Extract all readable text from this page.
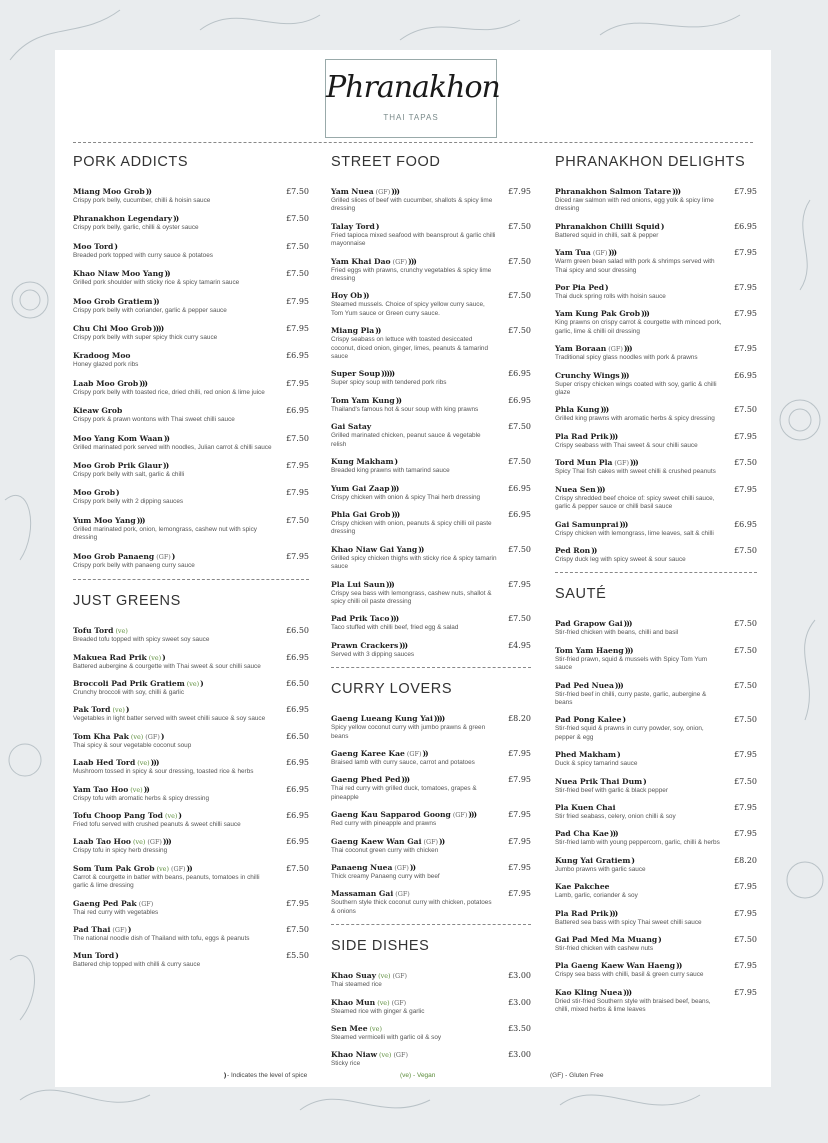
Phranakhon
THAI TAPAS
PORK ADDICTS
Miang Moo Grob))
Crispy pork belly, cucumber, chilli & hoisin sauce
£7.50
Phranakhon Legendary))
Crispy pork belly, garlic, chilli & oyster sauce
£7.50
Moo Tord)
Breaded pork topped with curry sauce & potatoes
£7.50
Khao Niaw Moo Yang))
Grilled pork shoulder with sticky rice & spicy tamarin sauce
£7.50
Moo Grob Gratiem))
Crispy pork belly with coriander, garlic & pepper sauce
£7.95
Chu Chi Moo Grob))))
Crispy pork belly with super spicy thick curry sauce
£7.95
Kradoog Moo
Honey glazed pork ribs
£6.95
Laab Moo Grob)))
Crispy pork belly with toasted rice, dried chilli, red onion & lime juice
£7.95
Kieaw Grob
Crispy pork & prawn wontons with Thai sweet chilli sauce
£6.95
Moo Yang Kom Waan))
Grilled marinated pork served with noodles, Julian carrot & chilli sauce
£7.50
Moo Grob Prik Glaur))
Crispy pork belly with salt, garlic & chilli
£7.95
Moo Grob)
Crispy pork belly with 2 dipping sauces
£7.95
Yum Moo Yang)))
Grilled marinated pork, onion, lemongrass, cashew nut with spicy dressing
£7.50
Moo Grob Panaeng (GF))
Crispy pork belly with panaeng curry sauce
£7.95
JUST GREENS
Tofu Tord (ve)
Breaded tofu topped with spicy sweet soy sauce
£6.50
Makuea Rad Prik (ve))
Battered aubergine & courgette with Thai sweet & sour chilli sauce
£6.95
Broccoli Pad Prik Gratiem (ve))
Crunchy broccoli with soy, chilli & garlic
£6.50
Pak Tord (ve))
Vegetables in light batter served with sweet chilli sauce & soy sauce
£6.95
Tom Kha Pak (ve) (GF))
Thai spicy & sour vegetable coconut soup
£6.50
Laab Hed Tord (ve))))
Mushroom tossed in spicy & sour dressing, toasted rice & herbs
£6.95
Yam Tao Hoo (ve)))
Crispy tofu with aromatic herbs & spicy dressing
£6.95
Tofu Choop Pang Tod (ve))
Fried tofu served with crushed peanuts & sweet chilli sauce
£6.95
Laab Tao Hoo (ve) (GF))))
Crispy tofu in spicy herb dressing
£6.95
Som Tum Pak Grob (ve) (GF)))
Carrot & courgette in batter with beans, peanuts, tomatoes in chilli garlic & lime dressing
£7.50
Gaeng Ped Pak (GF)
Thai red curry with vegetables
£7.95
Pad Thai (GF))
The national noodle dish of Thailand with tofu, eggs & peanuts
£7.50
Mun Tord)
Battered chip topped with chilli & curry sauce
£5.50
STREET FOOD
Yam Nuea (GF))))
Grilled slices of beef with cucumber, shallots & spicy lime dressing
£7.95
Talay Tord)
Fried tapioca mixed seafood with beansprout & garlic chilli mayonnaise
£7.50
Yam Khai Dao (GF))))
Fried eggs with prawns, crunchy vegetables & spicy lime dressing
£7.50
Hoy Ob))
Steamed mussels. Choice of spicy yellow curry sauce, Tom Yum sauce or Green curry sauce.
£7.50
Miang Pla))
Crispy seabass on lettuce with toasted desiccated coconut, diced onion, ginger, limes, peanuts & tamarind sauce
£7.50
Super Soup)))))
Super spicy soup with tendered pork ribs
£6.95
Tom Yam Kung))
Thailand's famous hot & sour soup with king prawns
£6.95
Gai Satay
Grilled marinated chicken, peanut sauce & vegetable relish
£7.50
Kung Makham)
Breaded king prawns with tamarind sauce
£7.50
Yum Gai Zaap)))
Crispy chicken with onion & spicy Thai herb dressing
£6.95
Phla Gai Grob)))
Crispy chicken with onion, peanuts & spicy chilli oil paste dressing
£6.95
Khao Niaw Gai Yang))
Grilled spicy chicken thighs with sticky rice & spicy tamarin sauce
£7.50
Pla Lui Saun)))
Crispy sea bass with lemongrass, cashew nuts, shallot & spicy chilli oil paste dressing
£7.95
Pad Prik Taco)))
Taco stuffed with chilli beef, fried egg & salad
£7.50
Prawn Crackers)))
Served with 3 dipping sauces
£4.95
CURRY LOVERS
Gaeng Lueang Kung Yai))))
Spicy yellow coconut curry with jumbo prawns & green beans
£8.20
Gaeng Karee Kae (GF)))
Braised lamb with curry sauce, carrot and potatoes
£7.95
Gaeng Phed Ped)))
Thai red curry with grilled duck, tomatoes, grapes & pineapple
£7.95
Gaeng Kau Sapparod Goong (GF))))
Red curry with pineapple and prawns
£7.95
Gaeng Kaew Wan Gai (GF)))
Thai coconut green curry with chicken
£7.95
Panaeng Nuea (GF)))
Thick creamy Panaeng curry with beef
£7.95
Massaman Gai (GF)
Southern style thick coconut curry with chicken, potatoes & onions
£7.95
SIDE DISHES
Khao Suay (ve) (GF)
Thai steamed rice
£3.00
Khao Mun (ve) (GF)
Steamed rice with ginger & garlic
£3.00
Sen Mee (ve)
Steamed vermicelli with garlic oil & soy
£3.50
Khao Niaw (ve) (GF)
Sticky rice
£3.00
PHRANAKHON DELIGHTS
Phranakhon Salmon Tatare)))
Diced raw salmon with red onions, egg yolk & spicy lime dressing
£7.95
Phranakhon Chilli Squid)
Battered squid in chilli, salt & pepper
£6.95
Yam Tua (GF))))
Warm green bean salad with pork & shrimps served with Thai spicy and sour dressing
£7.95
Por Pia Ped)
Thai duck spring rolls with hoisin sauce
£7.95
Yam Kung Pak Grob)))
King prawns on crispy carrot & courgette with minced pork, garlic, lime & chilli oil dressing
£7.95
Yam Boraan (GF))))
Traditional spicy glass noodles with pork & prawns
£7.95
Crunchy Wings)))
Super crispy chicken wings coated with soy, garlic & chilli glaze
£6.95
Phla Kung)))
Grilled king prawns with aromatic herbs & spicy dressing
£7.50
Pla Rad Prik)))
Crispy seabass with Thai sweet & sour chilli sauce
£7.95
Tord Mun Pla (GF))))
Spicy Thai fish cakes with sweet chilli & crushed peanuts
£7.50
Nuea Sen)))
Crispy shredded beef choice of: spicy sweet chilli sauce, garlic & pepper sauce or chilli basil sauce
£7.95
Gai Samunprai)))
Crispy chicken with lemongrass, lime leaves, salt & chilli
£6.95
Ped Ron))
Crispy duck leg with spicy sweet & sour sauce
£7.50
SAUTÉ
Pad Grapow Gai)))
Stir-fried chicken with beans, chilli and basil
£7.50
Tom Yam Haeng)))
Stir-fried prawn, squid & mussels with Spicy Tom Yum sauce
£7.50
Pad Ped Nuea)))
Stir-fried beef in chilli, curry paste, garlic, aubergine & beans
£7.50
Pad Pong Kalee)
Stir-fried squid & prawns in curry powder, soy, onion, pepper & egg
£7.50
Phed Makham)
Duck & spicy tamarind sauce
£7.95
Nuea Prik Thai Dum)
Stir-fried beef with garlic & black pepper
£7.50
Pla Kuen Chai
Stir fried seabass, celery, onion chilli & soy
£7.95
Pad Cha Kae)))
Stir-fried lamb with young peppercorn, garlic, chilli & herbs
£7.95
Kung Yai Gratiem)
Jumbo prawns with garlic sauce
£8.20
Kae Pakchee
Lamb, garlic, coriander & soy
£7.95
Pla Rad Prik)))
Battered sea bass with spicy Thai sweet chilli sauce
£7.95
Gai Pad Med Ma Muang)
Stir-fried chicken with cashew nuts
£7.50
Pla Gaeng Kaew Wan Haeng))
Crispy sea bass with chilli, basil & green curry sauce
£7.95
Kao Kling Nuea)))
Dried stir-fried Southern style with braised beef, beans, chilli, mixed herbs & lime leaves
£7.95
) - Indicates the level of spice	(ve) - Vegan	(GF) - Gluten Free
